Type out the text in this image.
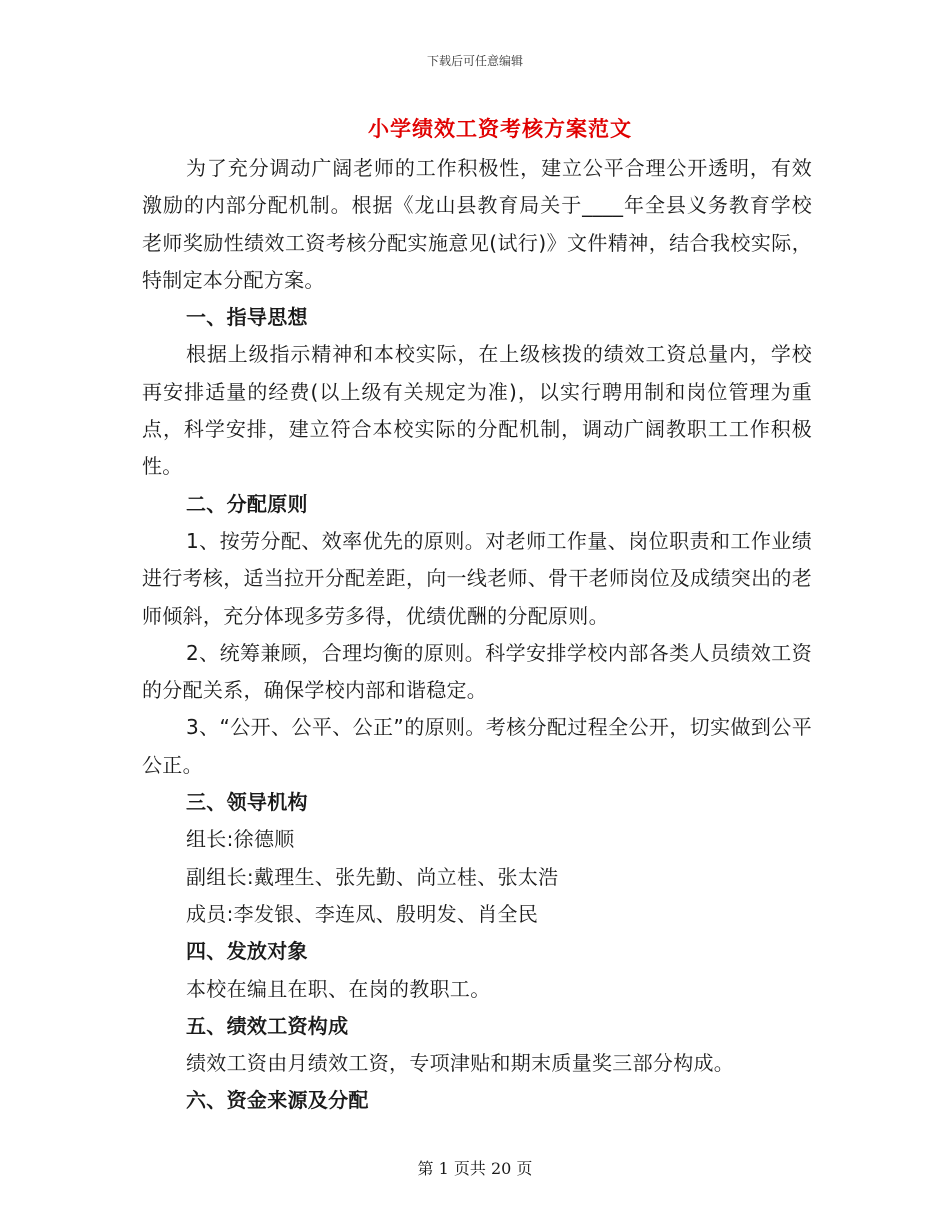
下载后可任意编辑
小学绩效工资考核方案范文

为了充分调动广阔老师的工作积极性，建立公平合理公开透明，有效激励的内部分配机制。根据《龙山县教育局关于____年全县义务教育学校老师奖励性绩效工资考核分配实施意见(试行)》文件精神，结合我校实际，特制定本分配方案。

一、指导思想

根据上级指示精神和本校实际，在上级核拨的绩效工资总量内，学校再安排适量的经费(以上级有关规定为准)，以实行聘用制和岗位管理为重点，科学安排，建立符合本校实际的分配机制，调动广阔教职工工作积极性。

二、分配原则

1、按劳分配、效率优先的原则。对老师工作量、岗位职责和工作业绩进行考核，适当拉开分配差距，向一线老师、骨干老师岗位及成绩突出的老师倾斜，充分体现多劳多得，优绩优酬的分配原则。

2、统筹兼顾，合理均衡的原则。科学安排学校内部各类人员绩效工资的分配关系，确保学校内部和谐稳定。

3、“公开、公平、公正”的原则。考核分配过程全公开，切实做到公平公正。

三、领导机构

组长:徐德顺

副组长:戴理生、张先勤、尚立桂、张太浩

成员:李发银、李连凤、殷明发、肖全民

四、发放对象

本校在编且在职、在岗的教职工。

五、绩效工资构成

绩效工资由月绩效工资，专项津贴和期末质量奖三部分构成。

六、资金来源及分配

第 1 页共 20 页
